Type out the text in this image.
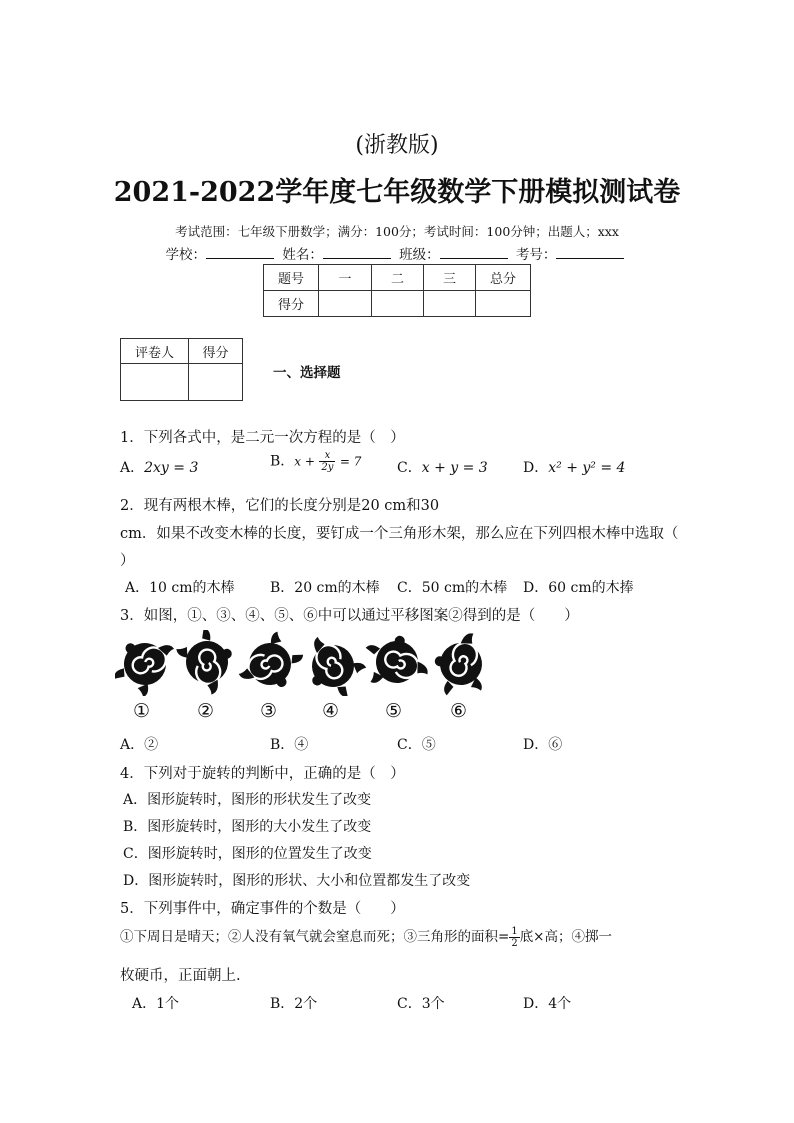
(浙教版)
2021-2022学年度七年级数学下册模拟测试卷
考试范围：七年级下册数学；满分：100分；考试时间：100分钟；出题人；xxx
学校：	姓名：	班级：	考号：
题号	一	二	三	总分
得分				
评卷人	得分

一、选择题
1．下列各式中，是二元一次方程的是（　）
A．2xy = 3	B．$x + \frac{x}{2y} = 7$	C．x + y = 3	D．x² + y² = 4
2．现有两根木棒，它们的长度分别是20 cm和30
cm．如果不改变木棒的长度，要钉成一个三角形木架，那么应在下列四根木棒中选取（
）
A．10 cm的木棒	B．20 cm的木棒 C．50 cm的木棒 D．60 cm的木捧
3．如图，①、③、④、⑤、⑥中可以通过平移图案②得到的是（　　）
① ② ③ ④ ⑤	⑥
A．②	B．④	C．⑤	D．⑥
4．下列对于旋转的判断中，正确的是（　）
A．图形旋转时，图形的形状发生了改变
B．图形旋转时，图形的大小发生了改变
C．图形旋转时，图形的位置发生了改变
D．图形旋转时，图形的形状、大小和位置都发生了改变
5．下列事件中，确定事件的个数是（　　）
①下周日是晴天；②人没有氧气就会窒息而死；③三角形的面积= $\frac{1}{2}$ 底×高；④掷一
枚硬币，正面朝上.
A．1个	B．2个	C．3个	D．4个
